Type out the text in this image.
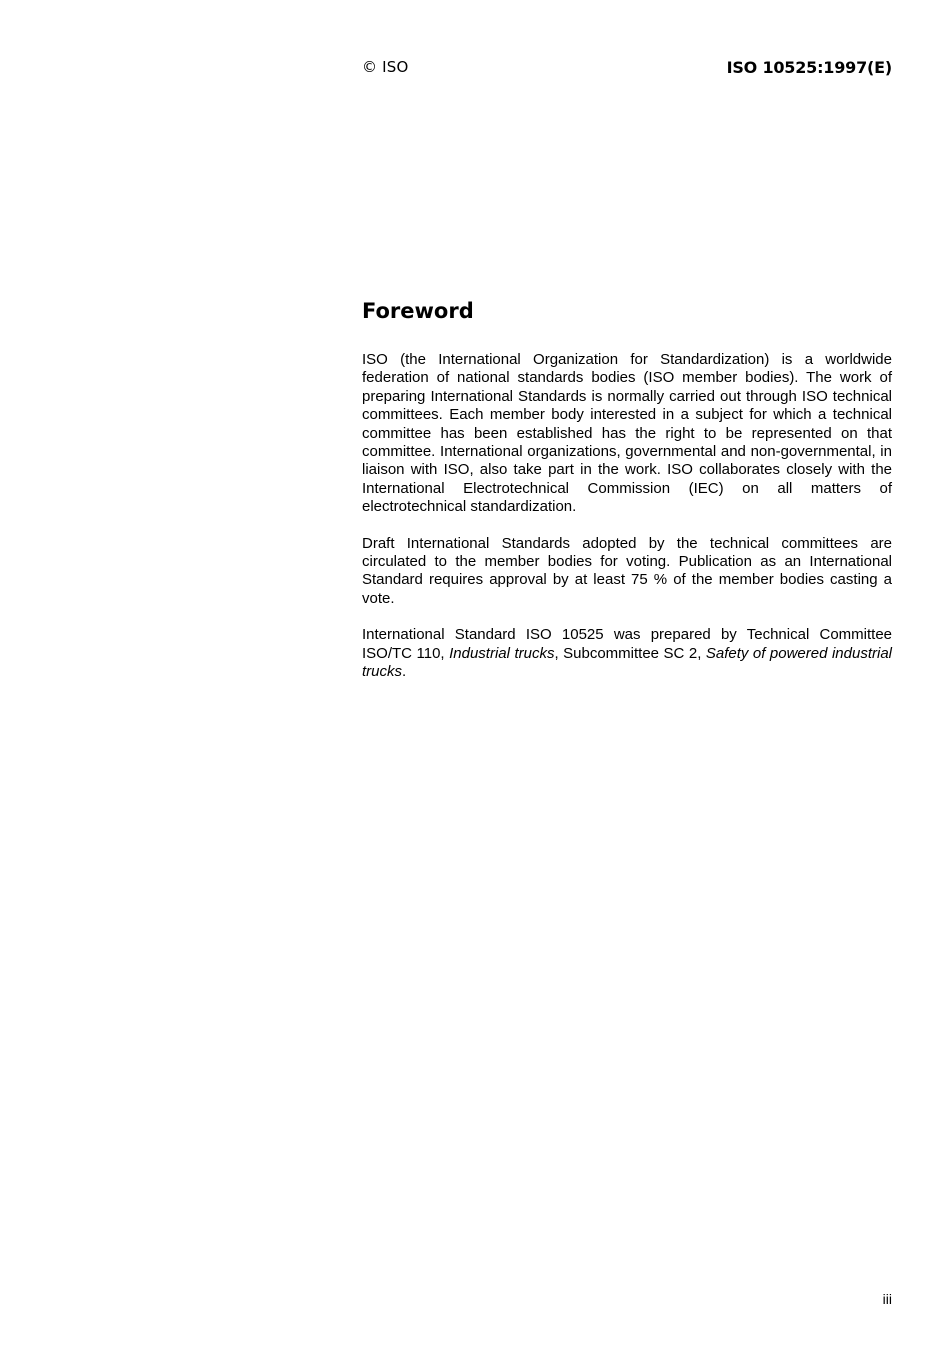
© ISO	ISO 10525:1997(E)
Foreword

ISO (the International Organization for Standardization) is a worldwide federation of national standards bodies (ISO member bodies). The work of preparing International Standards is normally carried out through ISO technical committees. Each member body interested in a subject for which a technical committee has been established has the right to be represented on that committee. International organizations, governmental and non-governmental, in liaison with ISO, also take part in the work. ISO collaborates closely with the International Electrotechnical Commission (IEC) on all matters of electrotechnical standardization.

Draft International Standards adopted by the technical committees are circulated to the member bodies for voting. Publication as an International Standard requires approval by at least 75 % of the member bodies casting a vote.

International Standard ISO 10525 was prepared by Technical Committee ISO/TC 110, Industrial trucks, Subcommittee SC 2, Safety of powered industrial trucks.

iii
